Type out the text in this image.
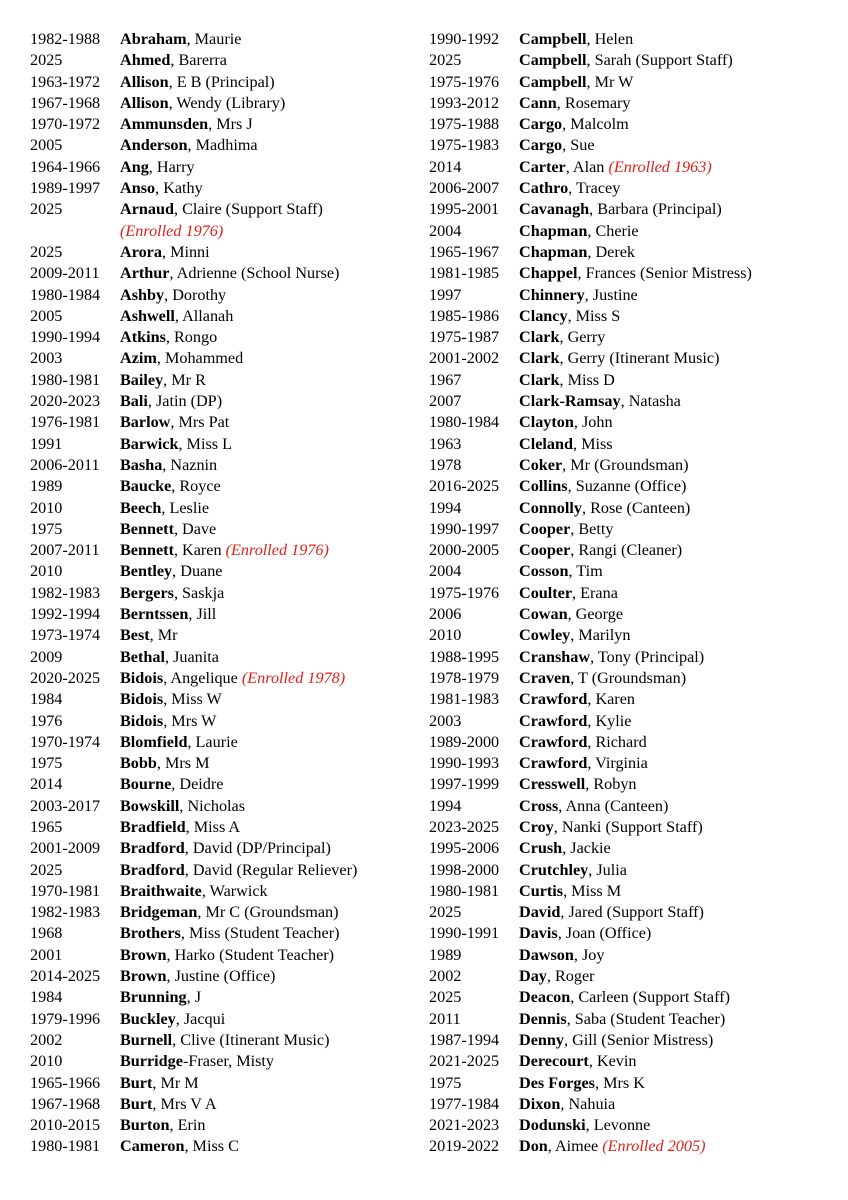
1982-1988	Abraham, Maurie
2025	Ahmed, Barerra
1963-1972	Allison, E B (Principal)
1967-1968	Allison, Wendy (Library)
1970-1972	Ammunsden, Mrs J
2005	Anderson, Madhima
1964-1966	Ang, Harry
1989-1997	Anso, Kathy
2025	Arnaud, Claire (Support Staff)
(Enrolled 1976)
2025	Arora, Minni
2009-2011	Arthur, Adrienne (School Nurse)
1980-1984	Ashby, Dorothy
2005	Ashwell, Allanah
1990-1994	Atkins, Rongo
2003	Azim, Mohammed
1980-1981	Bailey, Mr R
2020-2023	Bali, Jatin (DP)
1976-1981	Barlow, Mrs Pat
1991	Barwick, Miss L
2006-2011	Basha, Naznin
1989	Baucke, Royce
2010	Beech, Leslie
1975	Bennett, Dave
2007-2011	Bennett, Karen (Enrolled 1976)
2010	Bentley, Duane
1982-1983	Bergers, Saskja
1992-1994	Berntssen, Jill
1973-1974	Best, Mr
2009	Bethal, Juanita
2020-2025	Bidois, Angelique (Enrolled 1978)
1984	Bidois, Miss W
1976	Bidois, Mrs W
1970-1974	Blomfield, Laurie
1975	Bobb, Mrs M
2014	Bourne, Deidre
2003-2017	Bowskill, Nicholas
1965	Bradfield, Miss A
2001-2009	Bradford, David (DP/Principal)
2025	Bradford, David (Regular Reliever)
1970-1981	Braithwaite, Warwick
1982-1983	Bridgeman, Mr C (Groundsman)
1968	Brothers, Miss (Student Teacher)
2001	Brown, Harko (Student Teacher)
2014-2025	Brown, Justine (Office)
1984	Brunning, J
1979-1996	Buckley, Jacqui
2002	Burnell, Clive (Itinerant Music)
2010	Burridge-Fraser, Misty
1965-1966	Burt, Mr M
1967-1968	Burt, Mrs V A
2010-2015	Burton, Erin
1980-1981	Cameron, Miss C
1990-1992	Campbell, Helen
2025	Campbell, Sarah (Support Staff)
1975-1976	Campbell, Mr W
1993-2012	Cann, Rosemary
1975-1988	Cargo, Malcolm
1975-1983	Cargo, Sue
2014	Carter, Alan (Enrolled 1963)
2006-2007	Cathro, Tracey
1995-2001	Cavanagh, Barbara (Principal)
2004	Chapman, Cherie
1965-1967	Chapman, Derek
1981-1985	Chappel, Frances (Senior Mistress)
1997	Chinnery, Justine
1985-1986	Clancy, Miss S
1975-1987	Clark, Gerry
2001-2002	Clark, Gerry (Itinerant Music)
1967	Clark, Miss D
2007	Clark-Ramsay, Natasha
1980-1984	Clayton, John
1963	Cleland, Miss
1978	Coker, Mr (Groundsman)
2016-2025	Collins, Suzanne (Office)
1994	Connolly, Rose (Canteen)
1990-1997	Cooper, Betty
2000-2005	Cooper, Rangi (Cleaner)
2004	Cosson, Tim
1975-1976	Coulter, Erana
2006	Cowan, George
2010	Cowley, Marilyn
1988-1995	Cranshaw, Tony (Principal)
1978-1979	Craven, T (Groundsman)
1981-1983	Crawford, Karen
2003	Crawford, Kylie
1989-2000	Crawford, Richard
1990-1993	Crawford, Virginia
1997-1999	Cresswell, Robyn
1994	Cross, Anna (Canteen)
2023-2025	Croy, Nanki (Support Staff)
1995-2006	Crush, Jackie
1998-2000	Crutchley, Julia
1980-1981	Curtis, Miss M
2025	David, Jared (Support Staff)
1990-1991	Davis, Joan (Office)
1989	Dawson, Joy
2002	Day, Roger
2025	Deacon, Carleen (Support Staff)
2011	Dennis, Saba (Student Teacher)
1987-1994	Denny, Gill (Senior Mistress)
2021-2025	Derecourt, Kevin
1975	Des Forges, Mrs K
1977-1984	Dixon, Nahuia
2021-2023	Dodunski, Levonne
2019-2022	Don, Aimee (Enrolled 2005)
